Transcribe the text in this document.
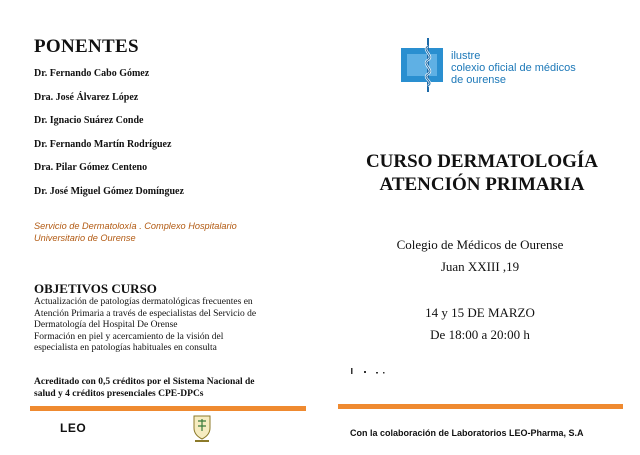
PONENTES
Dr. Fernando Cabo Gómez
Dra. José Álvarez López
Dr. Ignacio Suárez Conde
Dr. Fernando Martín Rodríguez
Dra. Pilar Gómez Centeno
Dr. José Miguel Gómez Domínguez
Servicio de Dermatoloxía . Complexo Hospitalario
Universitario de Ourense
OBJETIVOS CURSO
Actualización de patologías dermatológicas frecuentes en
Atención Primaria a través de especialistas del Servicio de
Dermatología del Hospital De Orense
Formación en piel y acercamiento de la visión del
especialista en patologías habituales en consulta
Acreditado con 0,5 créditos por el Sistema Nacional de
salud y 4 créditos presenciales CPE-DPCs
LEO
ilustre
colexio oficial de médicos
de ourense
CURSO DERMATOLOGÍA
ATENCIÓN PRIMARIA
Colegio de Médicos de Ourense
Juan XXIII ,19
14 y 15 DE MARZO
De 18:00 a 20:00 h
Con la colaboración de Laboratorios LEO-Pharma, S.A
